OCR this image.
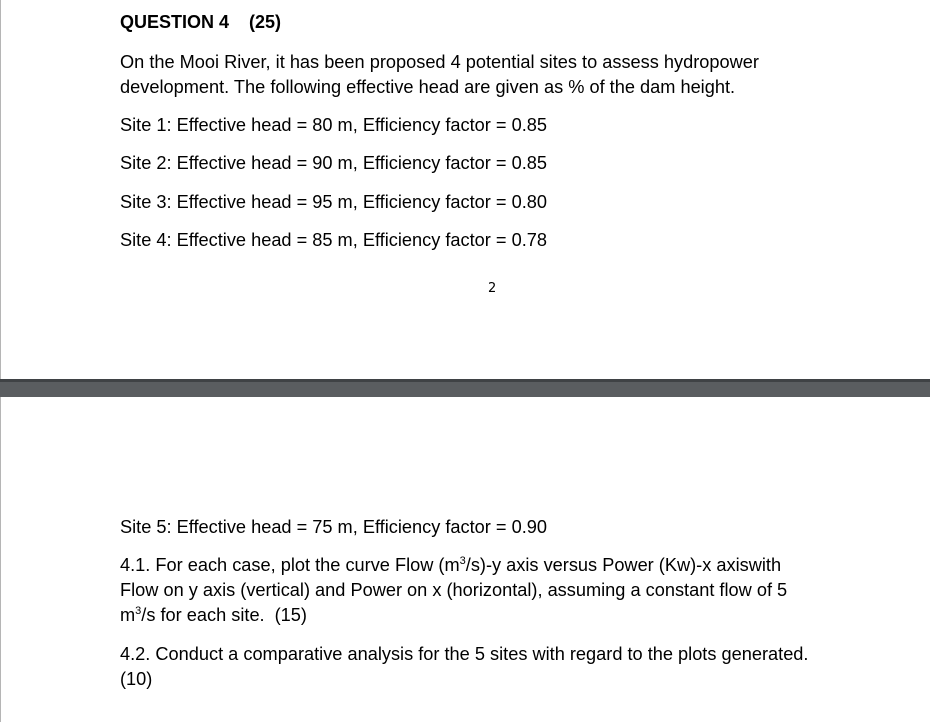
QUESTION 4 (25)
On the Mooi River, it has been proposed 4 potential sites to assess hydropower
development. The following effective head are given as % of the dam height.
Site 1: Effective head = 80 m, Efficiency factor = 0.85
Site 2: Effective head = 90 m, Efficiency factor = 0.85
Site 3: Effective head = 95 m, Efficiency factor = 0.80
Site 4: Effective head = 85 m, Efficiency factor = 0.78
2
Site 5: Effective head = 75 m, Efficiency factor = 0.90
4.1. For each case, plot the curve Flow $(m^3/s)-y$ axis versus Power (Kw)-x axiswith
Flow on y axis (vertical) and Power on x (horizontal), assuming a constant flow of 5
$m^3/s$ for each site. (15)
4.2. Conduct a comparative analysis for the 5 sites with regard to the plots generated.
(10)
